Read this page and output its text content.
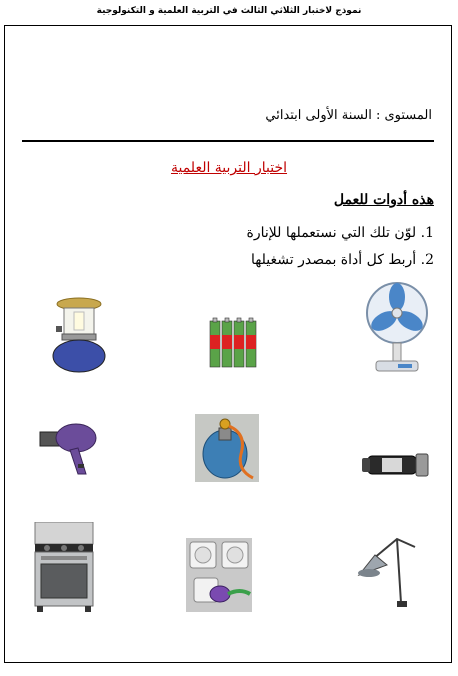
نموذج لاختبار الثلاثي الثالث في التربية العلمية و التكنولوجية
المستوى : السنة الأولى ابتدائي
اختبار التربية العلمية
هذه أدوات للعمل
1. لوّن تلك التي نستعملها للإنارة
2. أربط كل أداة بمصدر تشغيلها
